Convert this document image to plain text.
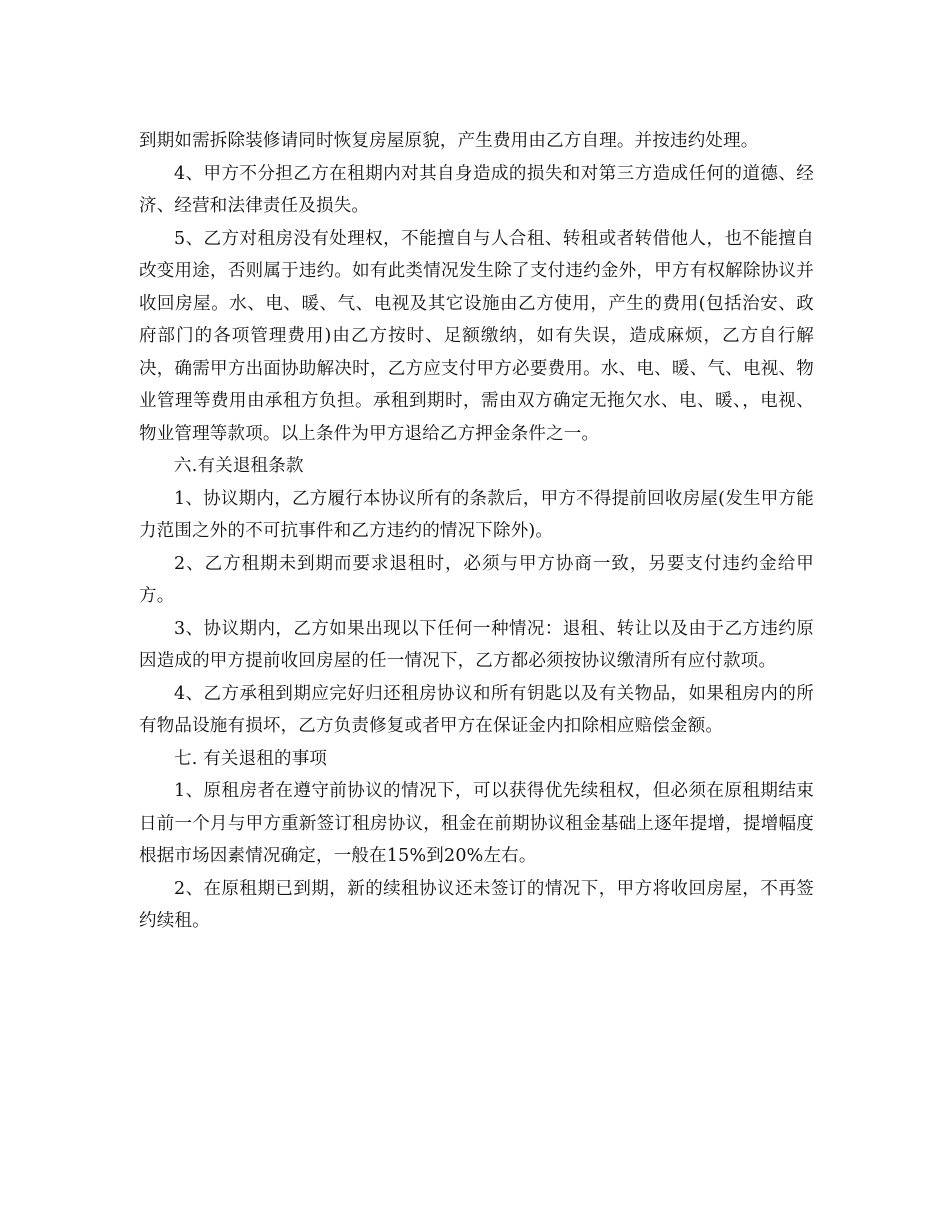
到期如需拆除装修请同时恢复房屋原貌，产生费用由乙方自理。并按违约处理。

4、甲方不分担乙方在租期内对其自身造成的损失和对第三方造成任何的道德、经济、经营和法律责任及损失。

5、乙方对租房没有处理权，不能擅自与人合租、转租或者转借他人，也不能擅自改变用途，否则属于违约。如有此类情况发生除了支付违约金外，甲方有权解除协议并收回房屋。水、电、暖、气、电视及其它设施由乙方使用，产生的费用(包括治安、政府部门的各项管理费用)由乙方按时、足额缴纳，如有失误，造成麻烦，乙方自行解决，确需甲方出面协助解决时，乙方应支付甲方必要费用。水、电、暖、气、电视、物业管理等费用由承租方负担。承租到期时，需由双方确定无拖欠水、电、暖、，电视、物业管理等款项。以上条件为甲方退给乙方押金条件之一。

六.有关退租条款

1、协议期内，乙方履行本协议所有的条款后，甲方不得提前回收房屋(发生甲方能力范围之外的不可抗事件和乙方违约的情况下除外)。

2、乙方租期未到期而要求退租时，必须与甲方协商一致，另要支付违约金给甲方。

3、协议期内，乙方如果出现以下任何一种情况：退租、转让以及由于乙方违约原因造成的甲方提前收回房屋的任一情况下，乙方都必须按协议缴清所有应付款项。

4、乙方承租到期应完好归还租房协议和所有钥匙以及有关物品，如果租房内的所有物品设施有损坏，乙方负责修复或者甲方在保证金内扣除相应赔偿金额。

七. 有关退租的事项

1、原租房者在遵守前协议的情况下，可以获得优先续租权，但必须在原租期结束日前一个月与甲方重新签订租房协议，租金在前期协议租金基础上逐年提增，提增幅度根据市场因素情况确定，一般在15%到20%左右。

2、在原租期已到期，新的续租协议还未签订的情况下，甲方将收回房屋，不再签约续租。
